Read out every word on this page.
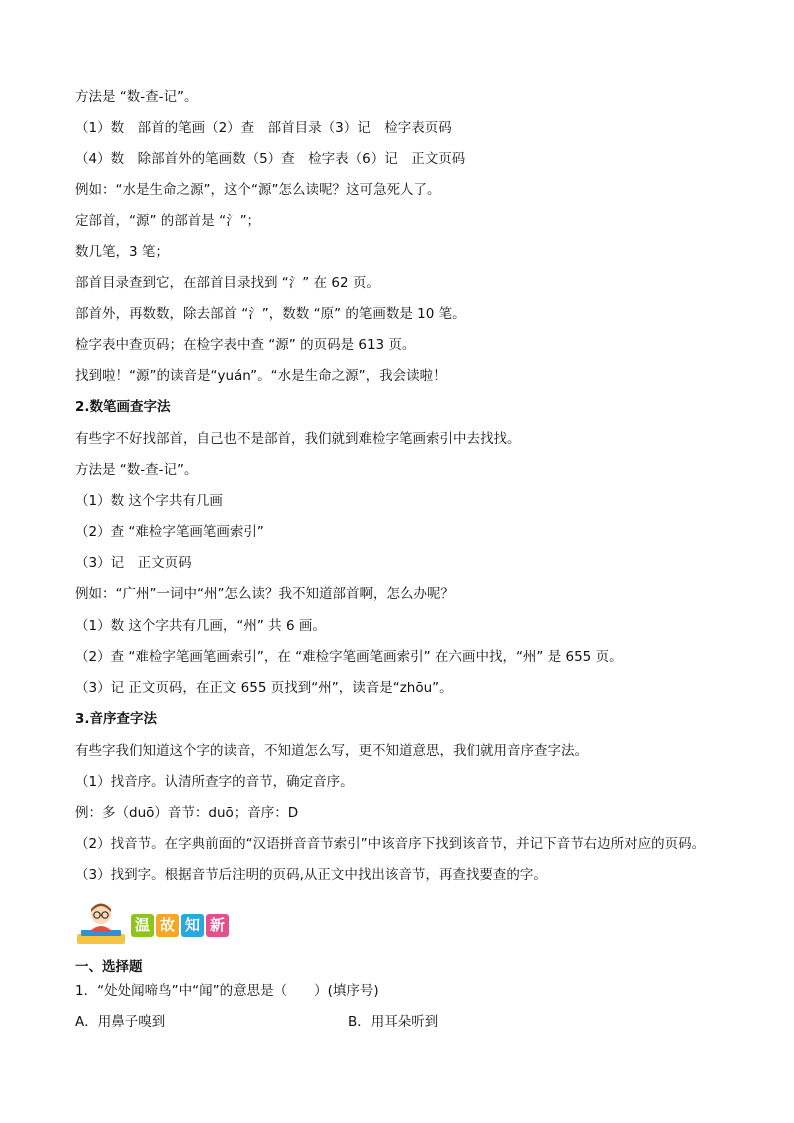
方法是 “数-查-记”。
（1）数　部首的笔画（2）查　部首目录（3）记　检字表页码
（4）数　除部首外的笔画数（5）查　检字表（6）记　正文页码
例如：“水是生命之源”，这个“源”怎么读呢？这可急死人了。
定部首，“源” 的部首是 “氵”；
数几笔，3 笔；
部首目录查到它，在部首目录找到 “氵” 在 62 页。
部首外，再数数，除去部首 “氵”，数数 “原” 的笔画数是 10 笔。
检字表中查页码；在检字表中查 “源” 的页码是 613 页。
找到啦！“源”的读音是“yuán”。“水是生命之源”，我会读啦！
2.数笔画查字法
有些字不好找部首，自己也不是部首，我们就到难检字笔画索引中去找找。
方法是 “数-查-记”。
（1）数 这个字共有几画
（2）查 “难检字笔画笔画索引”
（3）记　正文页码
例如：“广州”一词中“州”怎么读？我不知道部首啊，怎么办呢？
（1）数 这个字共有几画，“州” 共 6 画。
（2）查 “难检字笔画笔画索引”，在 “难检字笔画笔画索引” 在六画中找，“州” 是 655 页。
（3）记 正文页码，在正文 655 页找到“州”，读音是“zhōu”。
3.音序查字法
有些字我们知道这个字的读音，不知道怎么写，更不知道意思，我们就用音序查字法。
（1）找音序。认清所查字的音节，确定音序。
例：多（duō）音节：duō；音序：D
（2）找音节。在字典前面的“汉语拼音音节索引”中该音序下找到该音节，并记下音节右边所对应的页码。
（3）找到字。根据音节后注明的页码,从正文中找出该音节，再查找要查的字。
温 故 知 新
一、选择题
1．“处处闻啼鸟”中“闻”的意思是（　　）(填序号)
A．用鼻子嗅到	B．用耳朵听到
